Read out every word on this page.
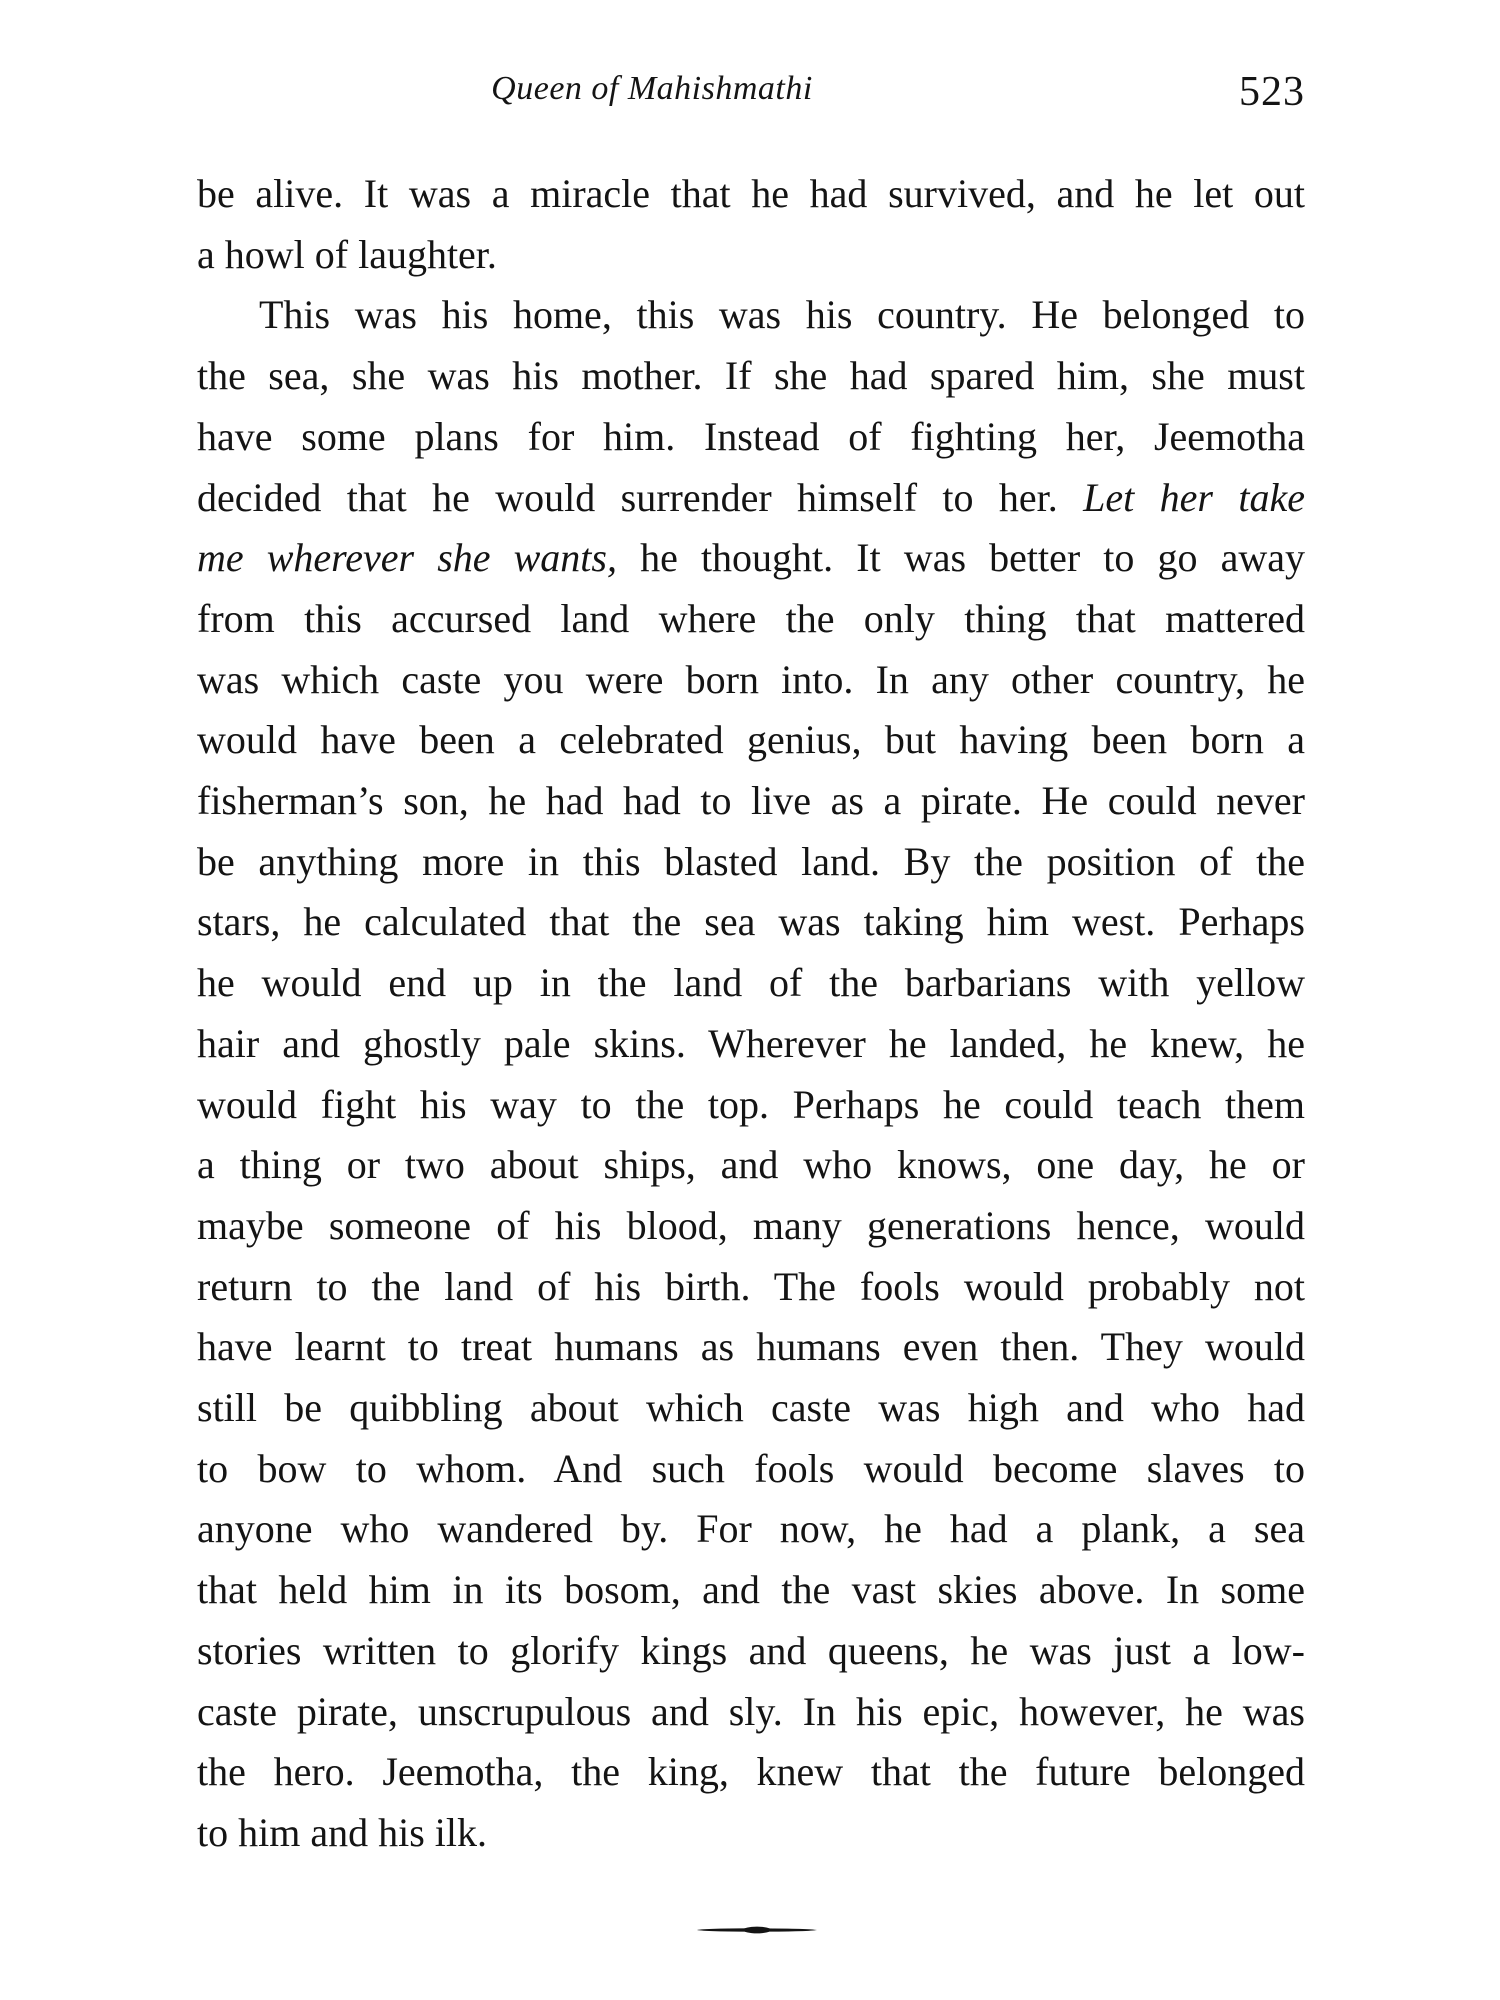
Queen of Mahishmathi	523
be alive. It was a miracle that he had survived, and he let out
a howl of laughter.
This was his home, this was his country. He belonged to
the sea, she was his mother. If she had spared him, she must
have some plans for him. Instead of fighting her, Jeemotha
decided that he would surrender himself to her. Let her take
me wherever she wants, he thought. It was better to go away
from this accursed land where the only thing that mattered
was which caste you were born into. In any other country, he
would have been a celebrated genius, but having been born a
fisherman’s son, he had had to live as a pirate. He could never
be anything more in this blasted land. By the position of the
stars, he calculated that the sea was taking him west. Perhaps
he would end up in the land of the barbarians with yellow
hair and ghostly pale skins. Wherever he landed, he knew, he
would fight his way to the top. Perhaps he could teach them
a thing or two about ships, and who knows, one day, he or
maybe someone of his blood, many generations hence, would
return to the land of his birth. The fools would probably not
have learnt to treat humans as humans even then. They would
still be quibbling about which caste was high and who had
to bow to whom. And such fools would become slaves to
anyone who wandered by. For now, he had a plank, a sea
that held him in its bosom, and the vast skies above. In some
stories written to glorify kings and queens, he was just a low-
caste pirate, unscrupulous and sly. In his epic, however, he was
the hero. Jeemotha, the king, knew that the future belonged
to him and his ilk.
